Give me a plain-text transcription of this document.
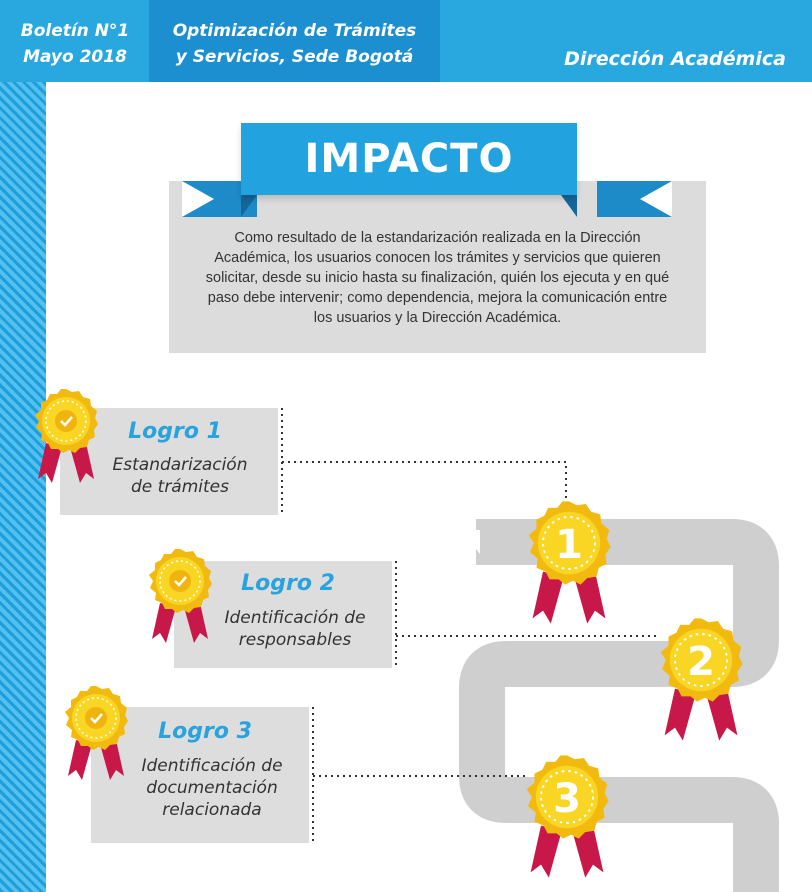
Boletín N°1
Mayo 2018
Optimización de Trámites
y Servicios, Sede Bogotá	Dirección Académica
IMPACTO
Como resultado de la estandarización realizada en la Dirección Académica, los usuarios conocen los trámites y servicios que quieren solicitar, desde su inicio hasta su finalización, quién los ejecuta y en qué paso debe intervenir; como dependencia, mejora la comunicación entre los usuarios y la Dirección Académica.
Logro 1
Estandarización
de trámites
Logro 2
Identificación de
responsables
Logro 3
Identificación de
documentación
relacionada
1
2
3
